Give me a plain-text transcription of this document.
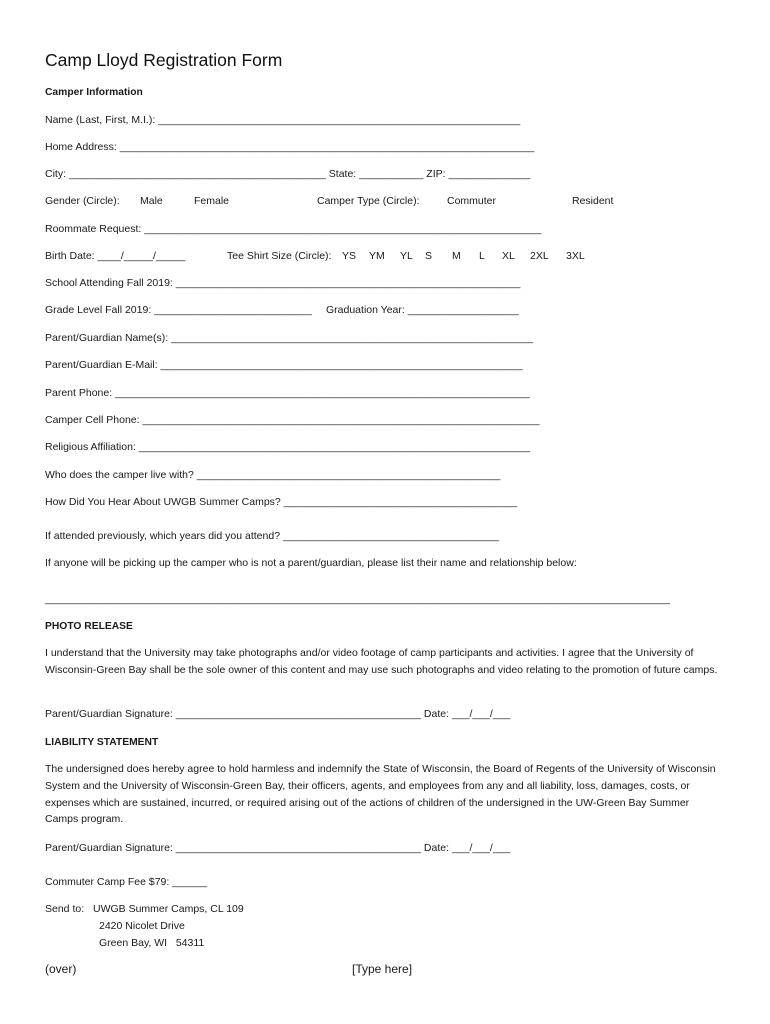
Camp Lloyd Registration Form
Camper Information
Name (Last, First, M.I.): ______________________________________________________________
Home Address: _______________________________________________________________________
City: ____________________________________________ State: ___________ ZIP: ______________
Gender (Circle): Male	Female	Camper Type (Circle):	Commuter	Resident
Roommate Request: ____________________________________________________________________
Birth Date: ____/_____/_____	Tee Shirt Size (Circle): YS YM YL S M L XL 2XL 3XL
School Attending Fall 2019: ___________________________________________________________
Grade Level Fall 2019: ___________________________ Graduation Year: ___________________
Parent/Guardian Name(s): ______________________________________________________________
Parent/Guardian E-Mail: ______________________________________________________________
Parent Phone: _______________________________________________________________________
Camper Cell Phone: ____________________________________________________________________
Religious Affiliation: ___________________________________________________________________
Who does the camper live with? ____________________________________________________
How Did You Hear About UWGB Summer Camps? ________________________________________
If attended previously, which years did you attend? _____________________________________
If anyone will be picking up the camper who is not a parent/guardian, please list their name and relationship below:
___________________________________________________________________________________________________________
PHOTO RELEASE
I understand that the University may take photographs and/or video footage of camp participants and activities. I agree that the University of Wisconsin-Green Bay shall be the sole owner of this content and may use such photographs and video relating to the promotion of future camps.
Parent/Guardian Signature: __________________________________________ Date: ___/___/___
LIABILITY STATEMENT
The undersigned does hereby agree to hold harmless and indemnify the State of Wisconsin, the Board of Regents of the University of Wisconsin System and the University of Wisconsin-Green Bay, their officers, agents, and employees from any and all liability, loss, damages, costs, or expenses which are sustained, incurred, or required arising out of the actions of children of the undersigned in the UW-Green Bay Summer Camps program.
Parent/Guardian Signature: __________________________________________ Date: ___/___/___
Commuter Camp Fee $79: ______
Send to: UWGB Summer Camps, CL 109
2420 Nicolet Drive
Green Bay, WI   54311
(over)	[Type here]
